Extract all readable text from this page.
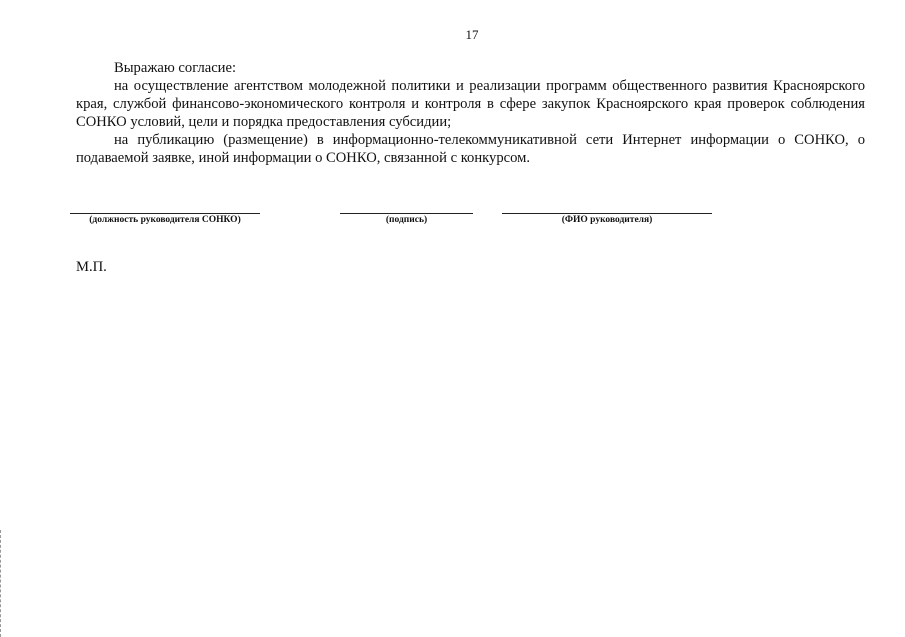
17

Выражаю согласие:

на осуществление агентством молодежной политики и реализации программ общественного развития Красноярского края, службой финансово-экономического контроля и контроля в сфере закупок Красноярского края проверок соблюдения СОНКО условий, цели и порядка предоставления субсидии;

на публикацию (размещение) в информационно-телекоммуникативной сети Интернет информации о СОНКО, о подаваемой заявке, иной информации о СОНКО, связанной с конкурсом.

(должность руководителя СОНКО)	(подпись)	(ФИО руководителя)
М.П.
